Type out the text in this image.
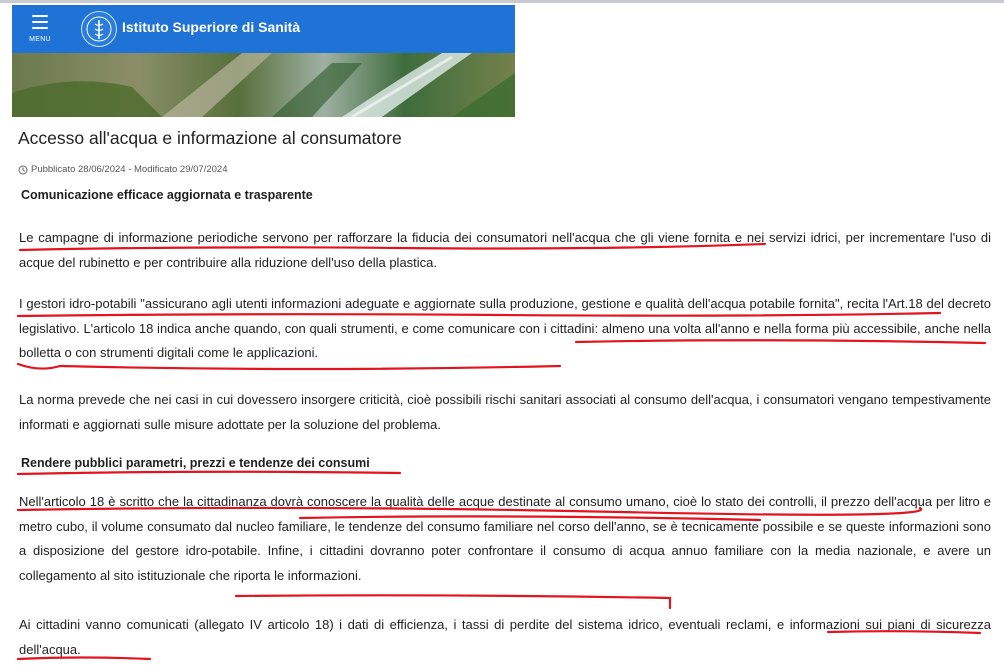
MENU
Istituto Superiore di Sanità
Accesso all'acqua e informazione al consumatore
Pubblicato 28/06/2024 - Modificato 29/07/2024
Comunicazione efficace aggiornata e trasparente
Le campagne di informazione periodiche servono per rafforzare la fiducia dei consumatori nell'acqua che gli viene fornita e nei servizi idrici, per incrementare l'uso di acque del rubinetto e per contribuire alla riduzione dell'uso della plastica.
I gestori idro-potabili "assicurano agli utenti informazioni adeguate e aggiornate sulla produzione, gestione e qualità dell'acqua potabile fornita", recita l'Art.18 del decreto legislativo. L'articolo 18 indica anche quando, con quali strumenti, e come comunicare con i cittadini: almeno una volta all'anno e nella forma più accessibile, anche nella bolletta o con strumenti digitali come le applicazioni.
La norma prevede che nei casi in cui dovessero insorgere criticità, cioè possibili rischi sanitari associati al consumo dell'acqua, i consumatori vengano tempestivamente informati e aggiornati sulle misure adottate per la soluzione del problema.
Rendere pubblici parametri, prezzi e tendenze dei consumi
Nell'articolo 18 è scritto che la cittadinanza dovrà conoscere la qualità delle acque destinate al consumo umano, cioè lo stato dei controlli, il prezzo dell'acqua per litro e metro cubo, il volume consumato dal nucleo familiare, le tendenze del consumo familiare nel corso dell'anno, se è tecnicamente possibile e se queste informazioni sono a disposizione del gestore idro-potabile. Infine, i cittadini dovranno poter confrontare il consumo di acqua annuo familiare con la media nazionale, e avere un collegamento al sito istituzionale che riporta le informazioni.
Ai cittadini vanno comunicati (allegato IV articolo 18) i dati di efficienza, i tassi di perdite del sistema idrico, eventuali reclami, e informazioni sui piani di sicurezza dell'acqua.
